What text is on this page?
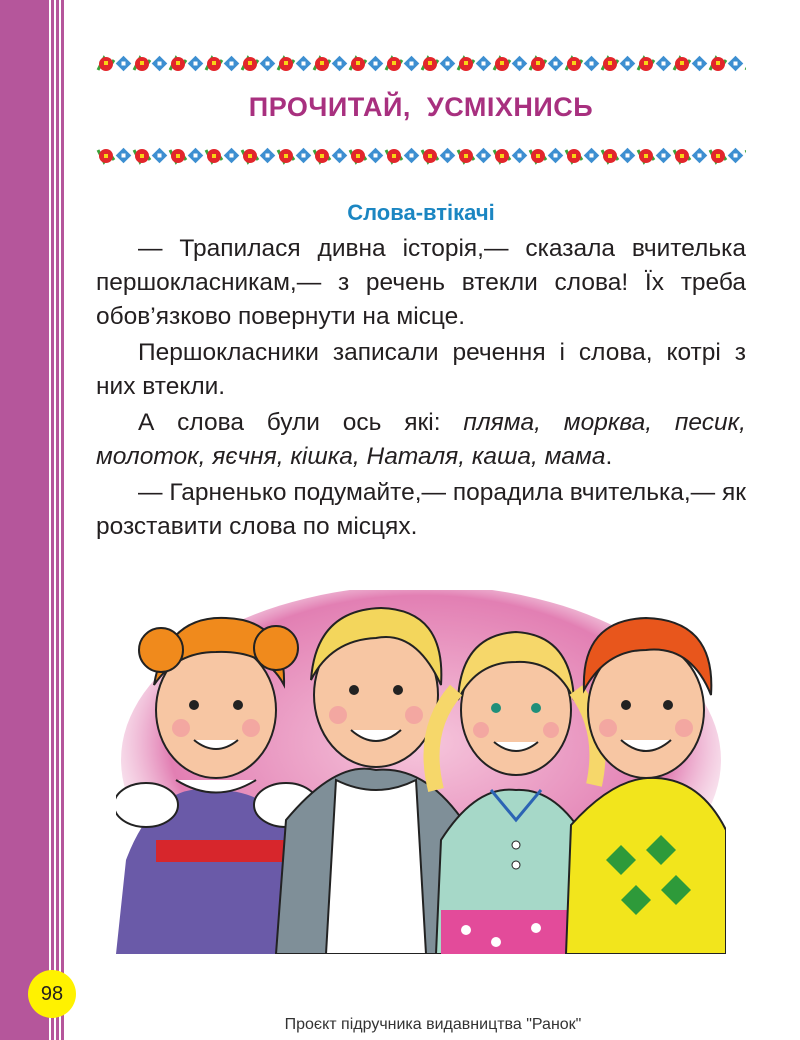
ПРОЧИТАЙ, УСМІХНИСЬ
Слова-втікачі

— Трапилася дивна історія,— сказала вчителька першокласникам,— з речень втекли слова! Їх треба обов’язково повернути на місце.

Першокласники записали речення і слова, котрі з них втекли.

А слова були ось які: пляма, морква, песик, молоток, яєчня, кішка, Наталя, каша, мама.

— Гарненько подумайте,— порадила вчителька,— як розставити слова по місцях.

98
Проєкт підручника видавництва "Ранок"
